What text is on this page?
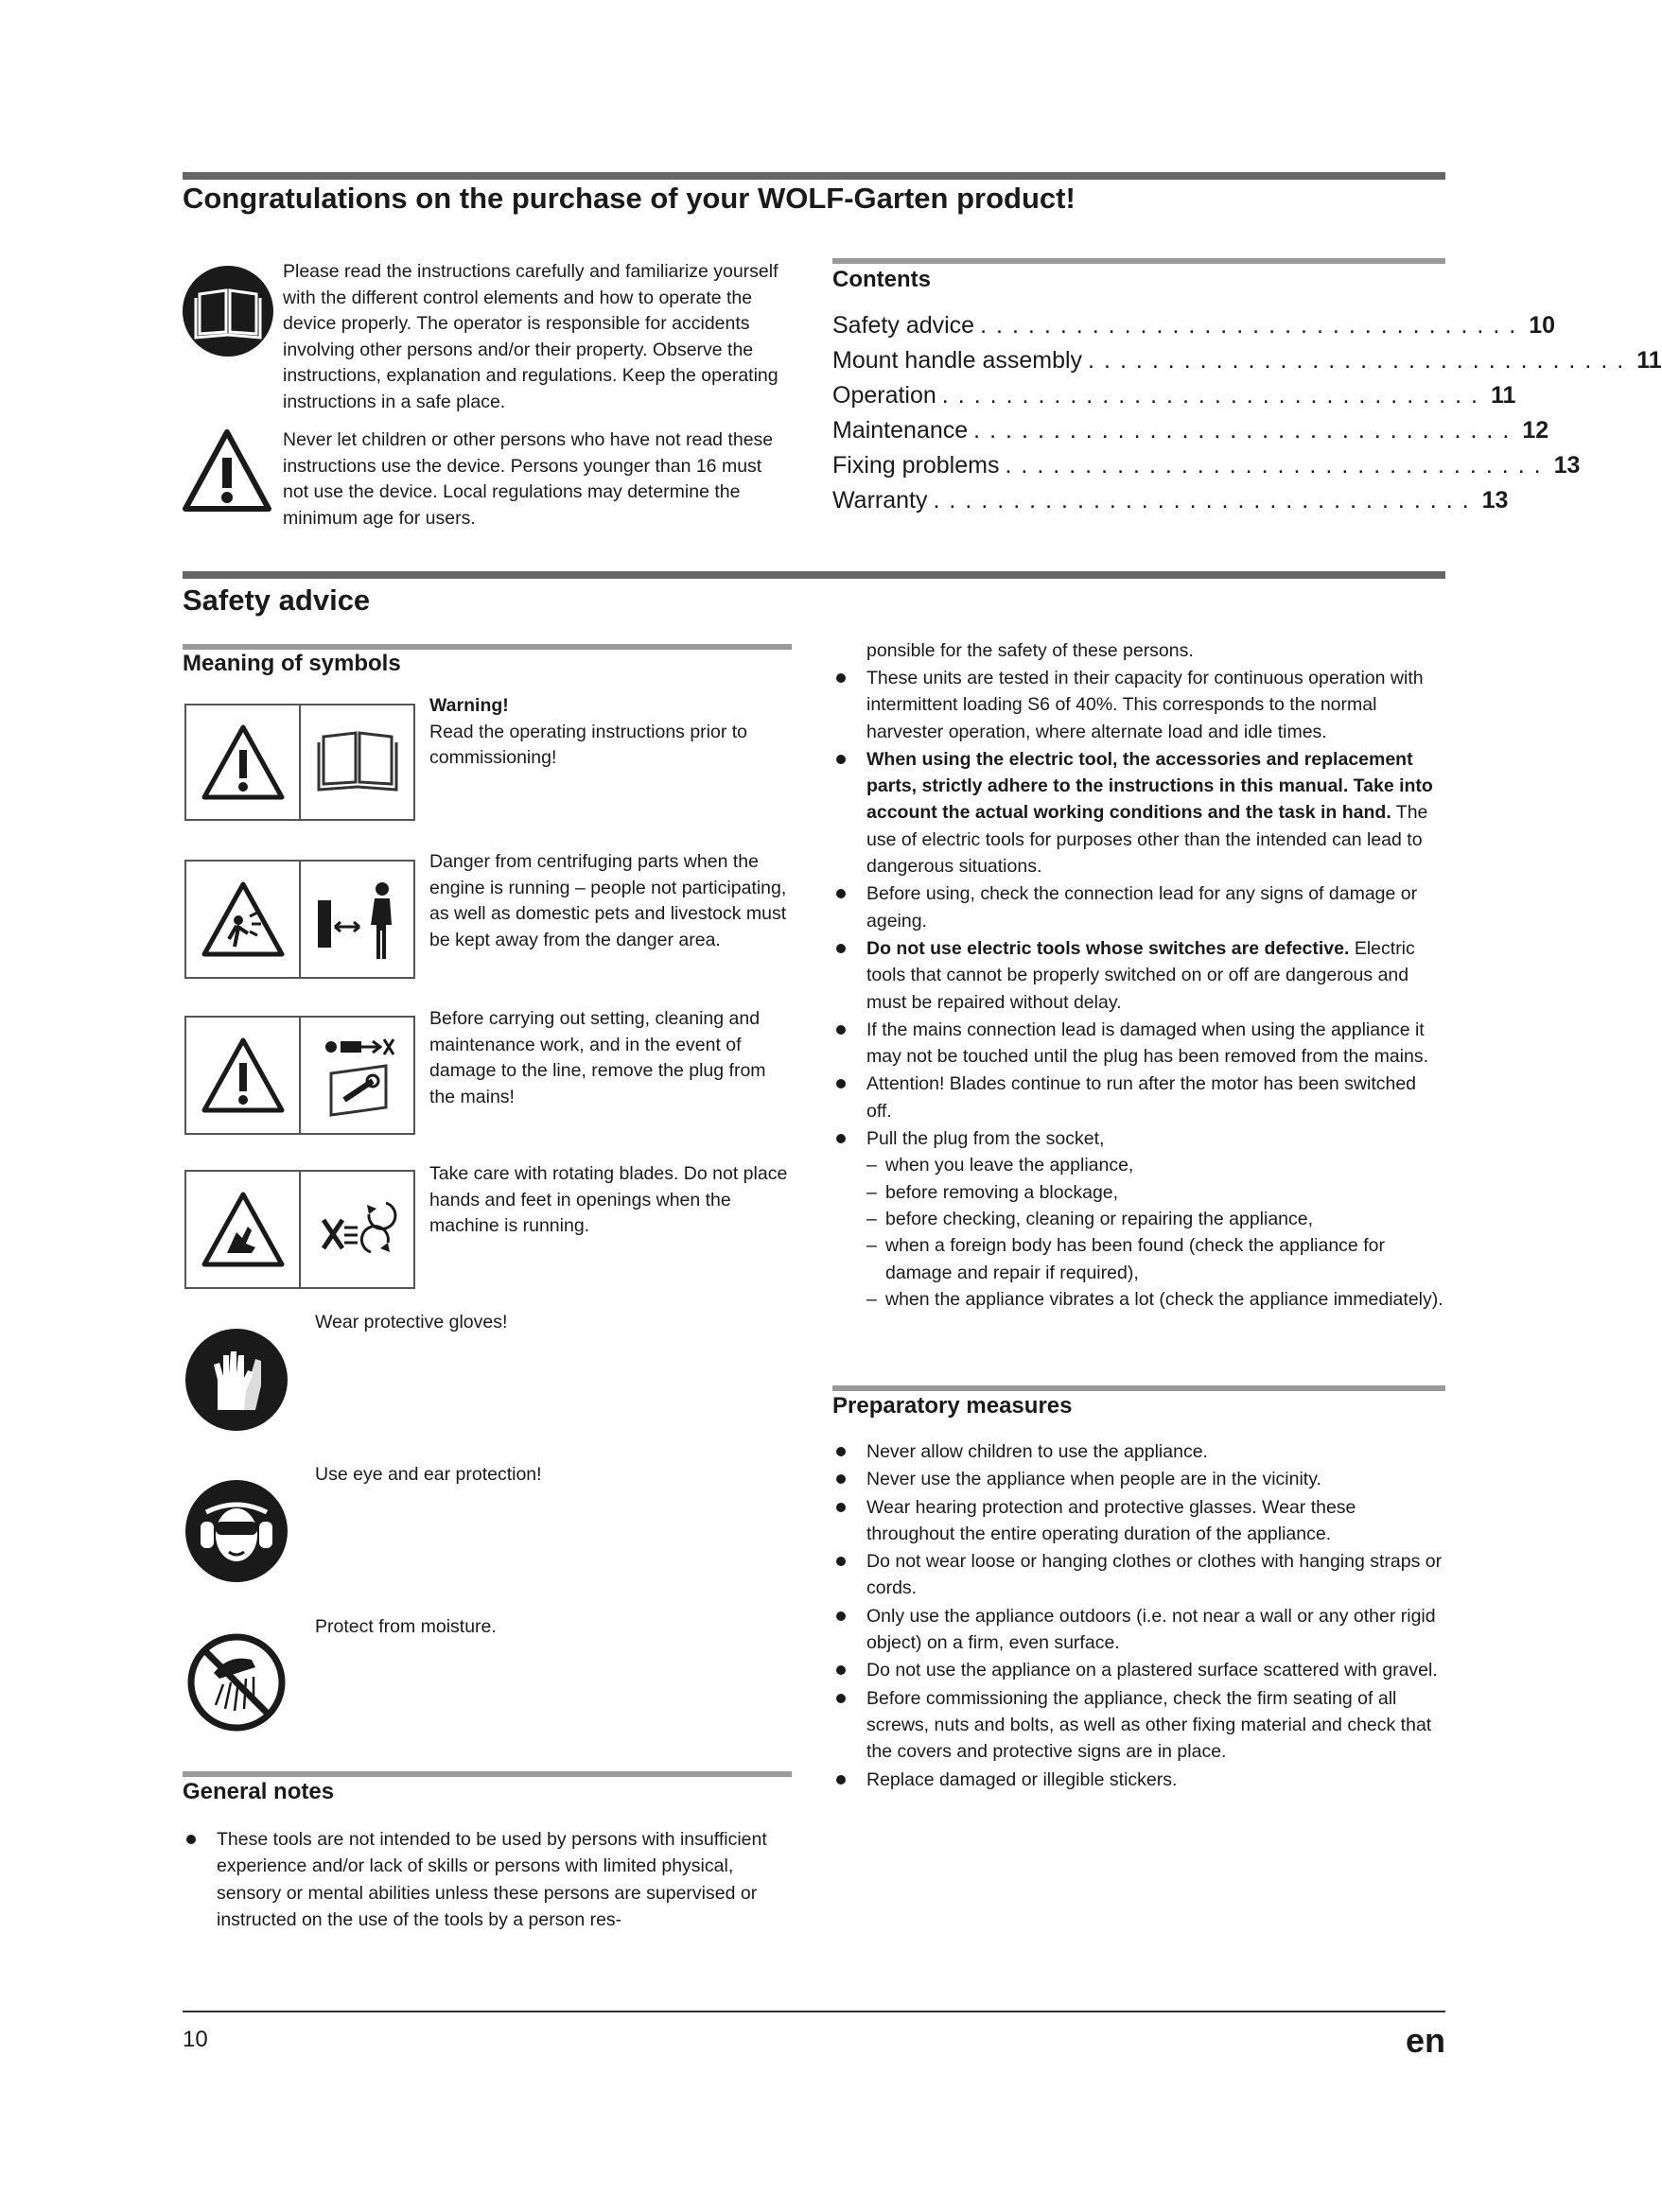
Congratulations on the purchase of your WOLF-Garten product!

Please read the instructions carefully and familiarize yourself with the different control elements and how to operate the device properly. The operator is responsible for accidents involving other persons and/or their property. Observe the instructions, explanation and regulations. Keep the operating instructions in a safe place.

Never let children or other persons who have not read these instructions use the device. Persons younger than 16 must not use the device. Local regulations may determine the minimum age for users.

Contents
Safety advice .................................. 10
Mount handle assembly .................................. 11
Operation .................................. 11
Maintenance .................................. 12
Fixing problems .................................. 13
Warranty .................................. 13
Safety advice
Meaning of symbols

Warning!

Read the operating instructions prior to commissioning!

Danger from centrifuging parts when the engine is running – people not participating, as well as domestic pets and livestock must be kept away from the danger area.

Before carrying out setting, cleaning and maintenance work, and in the event of damage to the line, remove the plug from the mains!

Take care with rotating blades. Do not place hands and feet in openings when the machine is running.

Wear protective gloves!

Use eye and ear protection!

Protect from moisture.

General notes
These tools are not intended to be used by persons with insufficient experience and/or lack of skills or persons with limited physical, sensory or mental abilities unless these persons are supervised or instructed on the use of the tools by a person res-

ponsible for the safety of these persons.

These units are tested in their capacity for continuous operation with intermittent loading S6 of 40%. This corresponds to the normal harvester operation, where alternate load and idle times.
When using the electric tool, the accessories and replacement parts, strictly adhere to the instructions in this manual. Take into account the actual working conditions and the task in hand. The use of electric tools for purposes other than the intended can lead to dangerous situations.
Before using, check the connection lead for any signs of damage or ageing.
Do not use electric tools whose switches are defective. Electric tools that cannot be properly switched on or off are dangerous and must be repaired without delay.
If the mains connection lead is damaged when using the appliance it may not be touched until the plug has been removed from the mains.
Attention! Blades continue to run after the motor has been switched off.
Pull the plug from the socket,
– when you leave the appliance,
– before removing a blockage,
– before checking, cleaning or repairing the appliance,
– when a foreign body has been found (check the appliance for damage and repair if required),
– when the appliance vibrates a lot (check the appliance immediately).
Preparatory measures
Never allow children to use the appliance.
Never use the appliance when people are in the vicinity.
Wear hearing protection and protective glasses. Wear these throughout the entire operating duration of the appliance.
Do not wear loose or hanging clothes or clothes with hanging straps or cords.
Only use the appliance outdoors (i.e. not near a wall or any other rigid object) on a firm, even surface.
Do not use the appliance on a plastered surface scattered with gravel.
Before commissioning the appliance, check the firm seating of all screws, nuts and bolts, as well as other fixing material and check that the covers and protective signs are in place.
Replace damaged or illegible stickers.
10	en
